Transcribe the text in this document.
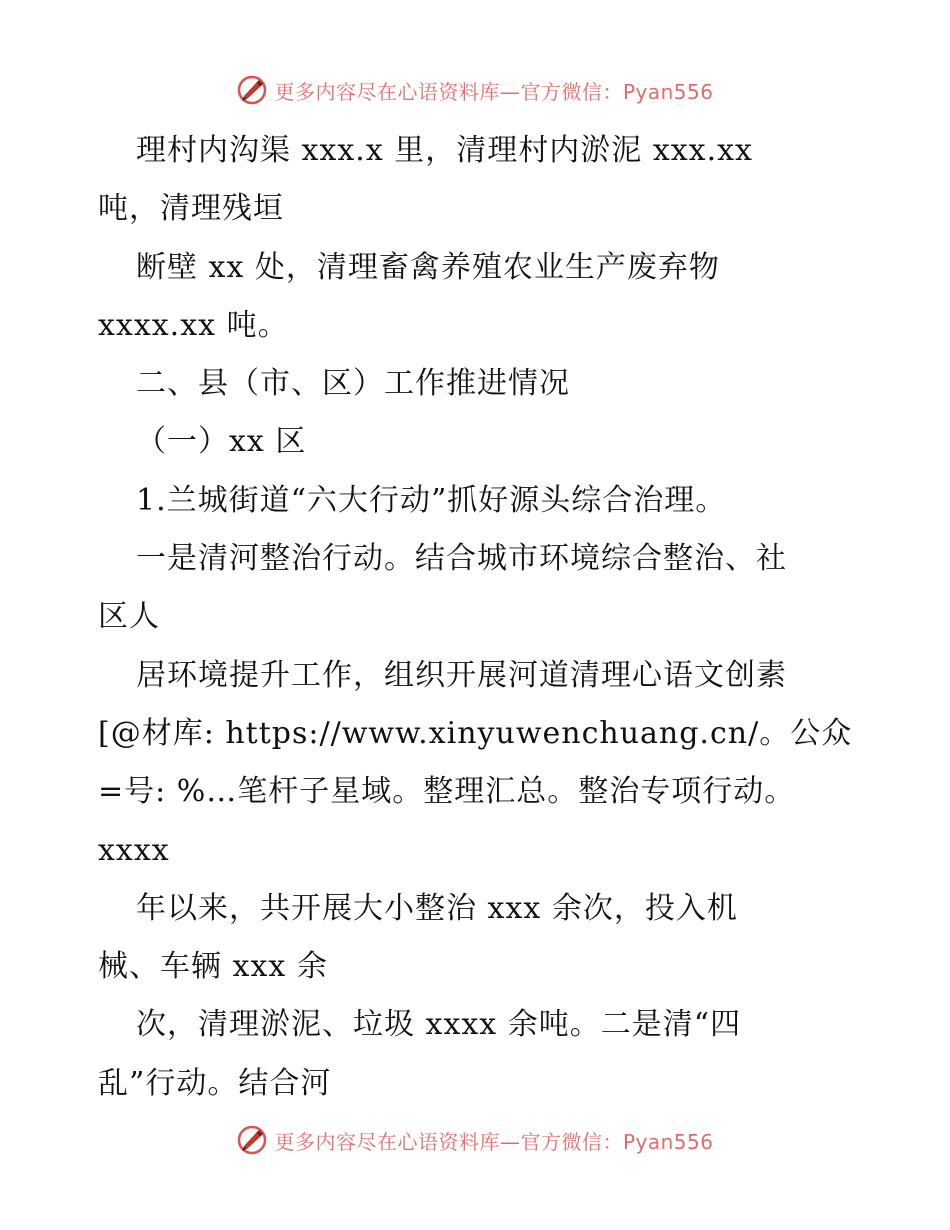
更多内容尽在心语资料库—官方微信：Pyan556
理村内沟渠 xxx.x 里，清理村内淤泥 xxx.xx
吨，清理残垣
断壁 xx 处，清理畜禽养殖农业生产废弃物
xxxx.xx 吨。
二、县（市、区）工作推进情况
（一）xx 区
1.兰城街道“六大行动”抓好源头综合治理。
一是清河整治行动。结合城市环境综合整治、社
区人
居环境提升工作，组织开展河道清理心语文创素
[@材库: https://www.xinyuwenchuang.cn/。公众
=号: %…笔杆子星域。整理汇总。整治专项行动。
xxxx
年以来，共开展大小整治 xxx 余次，投入机
械、车辆 xxx 余
次，清理淤泥、垃圾 xxxx 余吨。二是清“四
乱”行动。结合河
更多内容尽在心语资料库—官方微信：Pyan556
